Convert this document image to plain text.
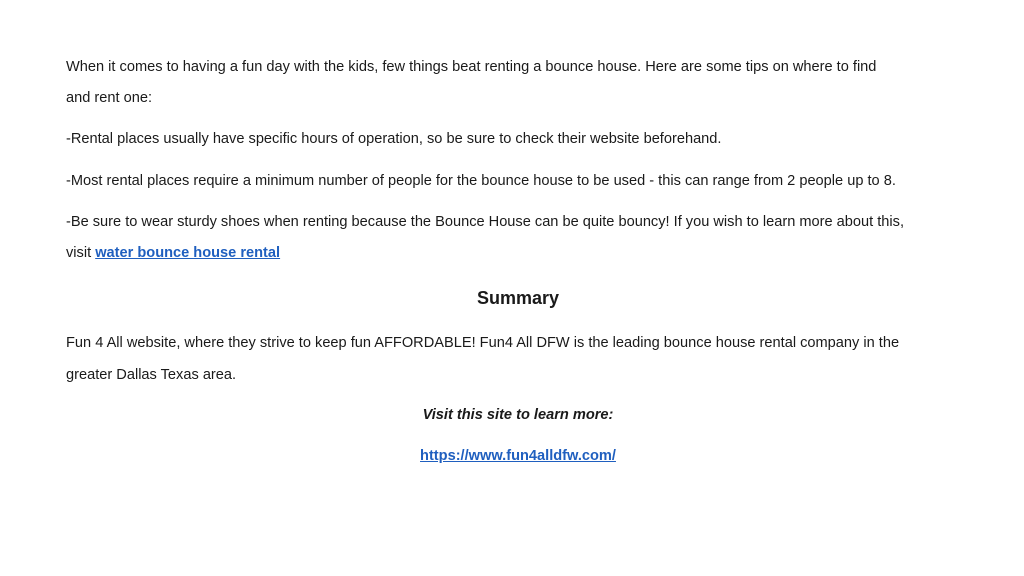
When it comes to having a fun day with the kids, few things beat renting a bounce house. Here are some tips on where to find

and rent one:

-Rental places usually have specific hours of operation, so be sure to check their website beforehand.

-Most rental places require a minimum number of people for the bounce house to be used - this can range from 2 people up to 8.

-Be sure to wear sturdy shoes when renting because the Bounce House can be quite bouncy! If you wish to learn more about this,

visit water bounce house rental

Summary

Fun 4 All website, where they strive to keep fun AFFORDABLE! Fun4 All DFW is the leading bounce house rental company in the

greater Dallas Texas area.

Visit this site to learn more:
https://www.fun4alldfw.com/
